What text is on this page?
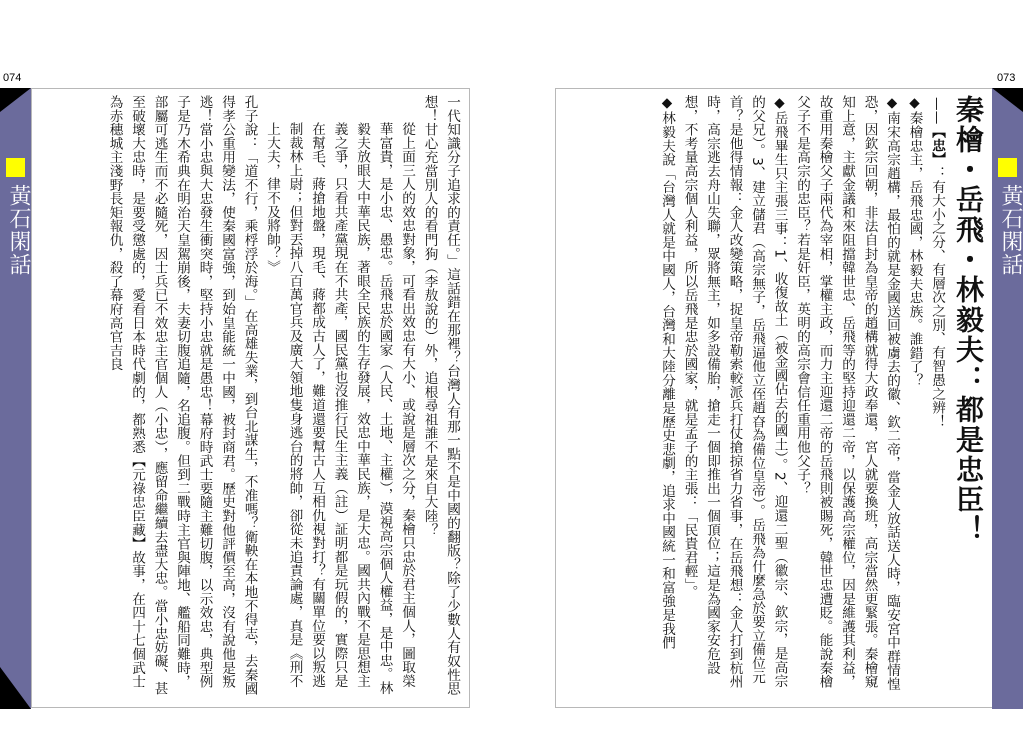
074
黃石閑話	一代知識分子追求的責任。」這話錯在那裡？台灣人有那一點不是中國的翻版？除了少數人有奴性思想！甘心充當別人的看門狗（李敖說的）外，追根尋祖誰不是來自大陸？

從上面三人的效忠對象，可看出效忠有大小、或說是層次之分，秦檜只忠於君主個人，圖取榮華富貴，是小忠、愚忠。岳飛忠於國家（人民、土地、主權），漠視高宗個人權益，是中忠。林毅夫放眼大中華民族，著眼全民族的生存發展，效忠中華民族，是大忠。國共內戰不是思想主義之爭，只看共產黨現在不共產，國民黨也沒推行民生主義（註）証明都是玩假的，實際只是在幫毛、蔣搶地盤，現毛、蔣都成古人了，難道還要幫古人互相仇視對打？有關單位要以叛逃制裁林上尉；但對丟掉八百萬官兵及廣大領地隻身逃台的將帥，卻從未追責論處，真是《刑不上大夫，律不及將帥？》

孔子說：「道不行，乘桴浮於海。」在高雄失業，到台北謀生，不准嗎？衛鞅在本地不得志，去秦國得孝公重用變法，使秦國富強，到始皇能統一中國，被封商君。歷史對他評價至高，沒有說他是叛逃！當小忠與大忠發生衝突時，堅持小忠就是愚忠！幕府時武士要隨主難切腹，以示效忠，典型例子是乃木希典在明治天皇駕崩後，夫妻切腹追隨，名追腹。但到二戰時主官與陣地、艦船同難時，部屬可逃生而不必隨死，因士兵已不效忠主官個人（小忠），應留命繼續去盡大忠。當小忠妨礙、甚至破壞大忠時，是要受懲處的，愛看日本時代劇的，都熟悉【元祿忠臣藏】故事，在四十七個武士為赤穗城主淺野長矩報仇，殺了幕府高官吉良

073

秦檜・岳飛・林毅夫：都是忠臣！

——【忠】：有大小之分、有層次之別、有智愚之辨！

◆秦檜忠主，岳飛忠國，林毅夫忠族。誰錯了？

◆南宋高宗趙構，最怕的就是金國送回被虜去的徽、欽二帝，當金人放話送人時，臨安宮中群情惶恐，因欽宗回朝，非法自封為皇帝的趙構就得大政奉還，宮人就要換班，高宗當然更緊張。秦檜窺知上意，主獻金議和來阻擋韓世忠、岳飛等的堅持迎還二帝，以保護高宗權位，因是維護其利益，故重用秦檜父子兩代為宰相，掌權主政，而力主迎還二帝的岳飛則被賜死，韓世忠遭貶。能說秦檜父子不是高宗的忠臣？若是奸臣，英明的高宗會信任重用他父子？

◆岳飛畢生只主張三事：1、收復故土（被金國佔去的國土）。2、迎還二聖（徽宗、欽宗，是高宗的父兄）。3、建立儲君（高宗無子，岳飛逼他立侄趙昚為備位皇帝）。岳飛為什麼急於要立備位元首？是他得情報：金人改變策略，捉皇帝勒索較派兵打仗搶掠省力省事，在岳飛想：金人打到杭州時，高宗逃去舟山失聯，眾將無主，如多設備胎，搶走一個即推出一個頂位；這是為國家安危設想，不考量高宗個人利益，所以岳飛是忠於國家，就是孟子的主張：「民貴君輕」。

◆林毅夫說「台灣人就是中國人，台灣和大陸分離是歷史悲劇，追求中國統一和富強是我們	黃石閑話
